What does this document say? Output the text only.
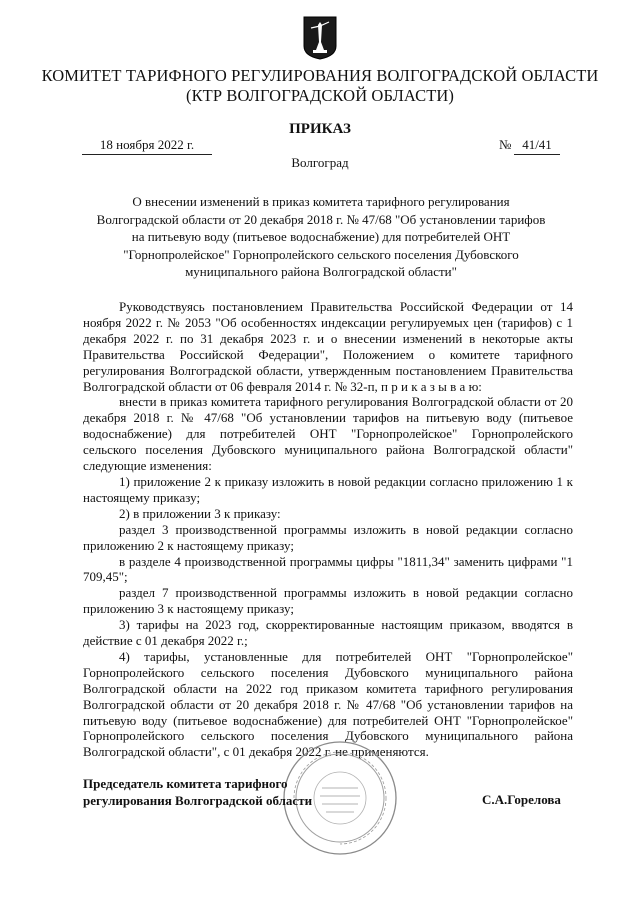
КОМИТЕТ ТАРИФНОГО РЕГУЛИРОВАНИЯ ВОЛГОГРАДСКОЙ ОБЛАСТИ
(КТР ВОЛГОГРАДСКОЙ ОБЛАСТИ)
ПРИКАЗ
18 ноября 2022 г.	№ 41/41
Волгоград
О внесении изменений в приказ комитета тарифного регулирования Волгоградской области от 20 декабря 2018 г. № 47/68 "Об установлении тарифов на питьевую воду (питьевое водоснабжение) для потребителей ОНТ "Горнопролейское" Горнопролейского сельского поселения Дубовского муниципального района Волгоградской области"

Руководствуясь постановлением Правительства Российской Федерации от 14 ноября 2022 г. № 2053 "Об особенностях индексации регулируемых цен (тарифов) с 1 декабря 2022 г. по 31 декабря 2023 г. и о внесении изменений в некоторые акты Правительства Российской Федерации", Положением о комитете тарифного регулирования Волгоградской области, утвержденным постановлением Правительства Волгоградской области от 06 февраля 2014 г. № 32-п, п р и к а з ы в а ю:

внести в приказ комитета тарифного регулирования Волгоградской области от 20 декабря 2018 г. № 47/68 "Об установлении тарифов на питьевую воду (питьевое водоснабжение) для потребителей ОНТ "Горнопролейское" Горнопролейского сельского поселения Дубовского муниципального района Волгоградской области" следующие изменения:

1) приложение 2 к приказу изложить в новой редакции согласно приложению 1 к настоящему приказу;

2) в приложении 3 к приказу:

раздел 3 производственной программы изложить в новой редакции согласно приложению 2 к настоящему приказу;

в разделе 4 производственной программы цифры "1811,34" заменить цифрами "1 709,45";

раздел 7 производственной программы изложить в новой редакции согласно приложению 3 к настоящему приказу;

3) тарифы на 2023 год, скорректированные настоящим приказом, вводятся в действие с 01 декабря 2022 г.;

4) тарифы, установленные для потребителей ОНТ "Горнопролейское" Горнопролейского сельского поселения Дубовского муниципального района Волгоградской области на 2022 год приказом комитета тарифного регулирования Волгоградской области от 20 декабря 2018 г. № 47/68 "Об установлении тарифов на питьевую воду (питьевое водоснабжение) для потребителей ОНТ "Горнопролейское" Горнопролейского сельского поселения Дубовского муниципального района Волгоградской области", с 01 декабря 2022 г. не применяются.

Председатель комитета тарифного
регулирования Волгоградской области	С.А.Горелова
